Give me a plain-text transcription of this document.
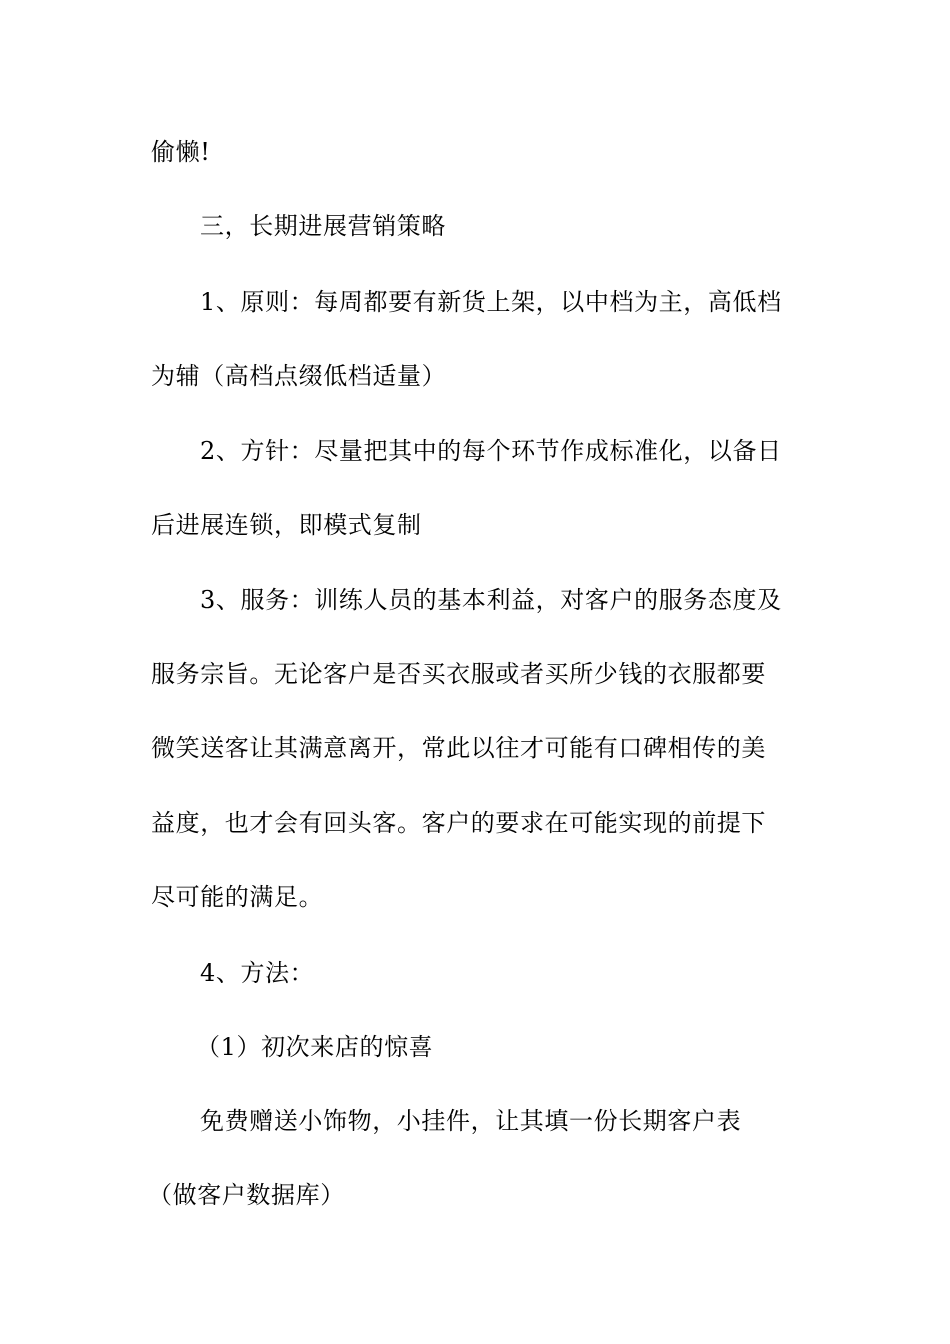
偷懒!
三，长期进展营销策略
1、原则：每周都要有新货上架，以中档为主，高低档
为辅（高档点缀低档适量）
2、方针：尽量把其中的每个环节作成标准化，以备日
后进展连锁，即模式复制
3、服务：训练人员的基本利益，对客户的服务态度及
服务宗旨。无论客户是否买衣服或者买所少钱的衣服都要
微笑送客让其满意离开，常此以往才可能有口碑相传的美
益度，也才会有回头客。客户的要求在可能实现的前提下
尽可能的满足。
4、方法：
（1）初次来店的惊喜
免费赠送小饰物，小挂件，让其填一份长期客户表
（做客户数据库）
